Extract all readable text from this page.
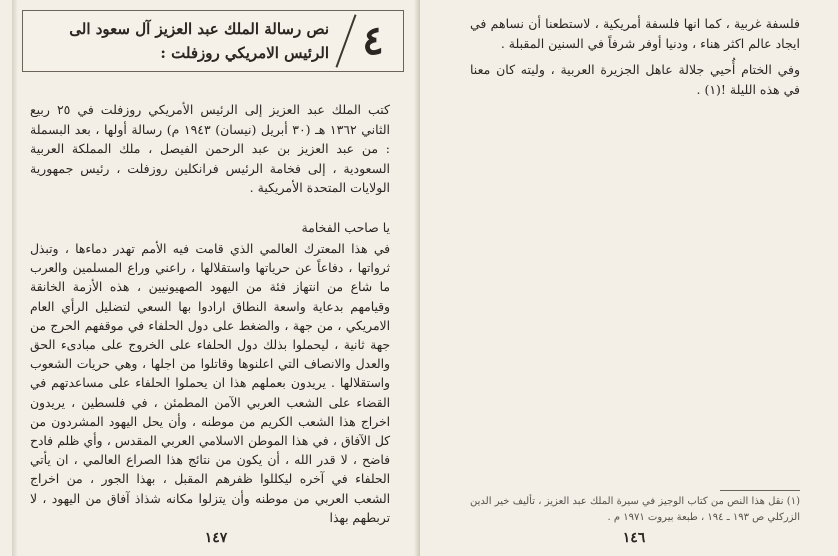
٤
نص رسالة الملك عبد العزيز آل سعود الى الرئيس الامريكي روزفلت :
كتب الملك عبد العزيز إلى الرئيس الأمريكي روزفلت في ٢٥ ربيع الثاني ١٣٦٢ هـ (٣٠ أبريل (نيسان) ١٩٤٣ م) رسالة أولها ، بعد البسملة : من عبد العزيز بن عبد الرحمن الفيصل ، ملك المملكة العربية السعودية ، إلى فخامة الرئيس فرانكلين روزفلت ، رئيس جمهورية الولايات المتحدة الأمريكية .
يا صاحب الفخامة
في هذا المعترك العالمي الذي قامت فيه الأمم تهدر دماءها ، وتبذل ثرواتها ، دفاعاً عن حرياتها واستقلالها ، راعني وراع المسلمين والعرب ما شاع من انتهاز فئة من اليهود الصهيونيين ، هذه الأزمة الخانقة وقيامهم بدعاية واسعة النطاق ارادوا بها السعي لتضليل الرأي العام الامريكي ، من جهة ، والضغط على دول الحلفاء في موقفهم الحرج من جهة ثانية ، ليحملوا بذلك دول الحلفاء على الخروج على مبادىء الحق والعدل والانصاف التي اعلنوها وقاتلوا من اجلها ، وهي حريات الشعوب واستقلالها . يريدون بعملهم هذا ان يحملوا الحلفاء على مساعدتهم في القضاء على الشعب العربي الآمن المطمئن ، في فلسطين ، يريدون اخراج هذا الشعب الكريم من موطنه ، وأن يحل اليهود المشردون من كل الآفاق ، في هذا الموطن الاسلامي العربي المقدس ، وأي ظلم فادح فاضح ، لا قدر الله ، أن يكون من نتائج هذا الصراع العالمي ، ان يأتي الحلفاء في آخره ليكللوا ظفرهم المقبل ، بهذا الجور ، من اخراج الشعب العربي من موطنه وأن يتزلوا مكانه شذاذ آفاق من اليهود ، لا تربطهم بهذا
١٤٧
فلسفة غربية ، كما انها فلسفة أمريكية ، لاستطعنا أن نساهم في ايجاد عالم اكثر هناء ، ودنيا أوفر شرفاً في السنين المقبلة .
وفي الختام أُحيي جلالة عاهل الجزيرة العربية ، وليته كان معنا في هذه الليلة !(١) .
(١) نقل هذا النص من كتاب الوجيز في سيرة الملك عبد العزيز ، تأليف خير الدين الزركلي ص ١٩٣ ـ ١٩٤ ، طبعة بيروت ١٩٧١ م .
١٤٦
